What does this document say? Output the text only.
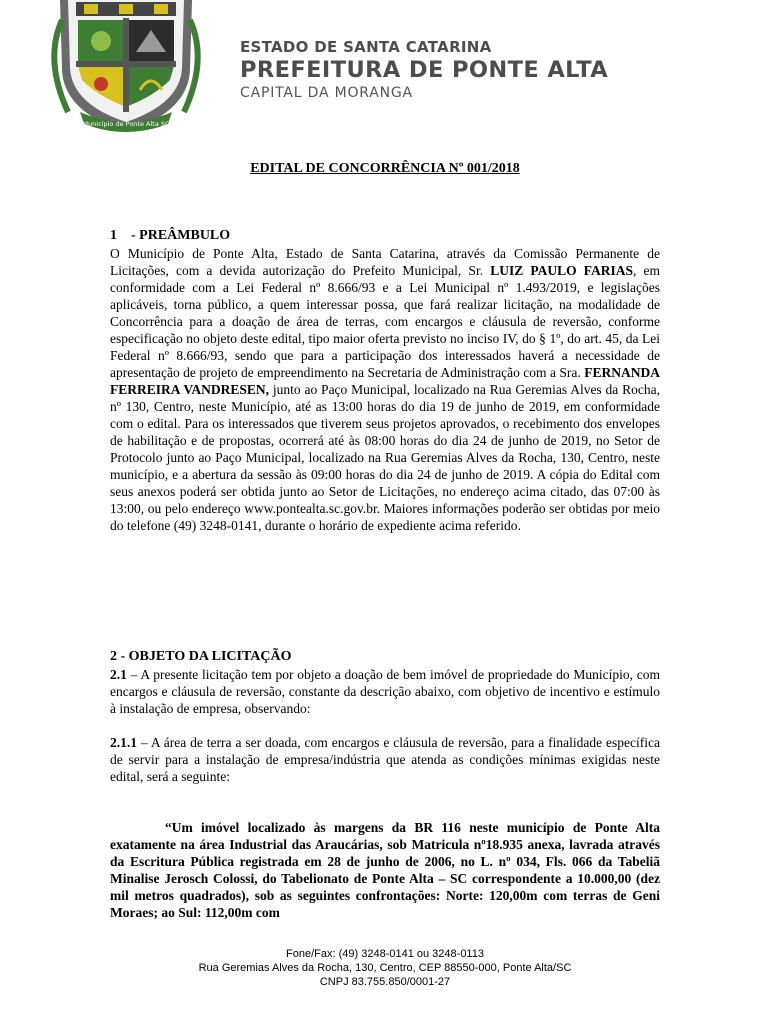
Município de Ponte Alta SC
ESTADO DE SANTA CATARINA
PREFEITURA DE PONTE ALTA
CAPITAL DA MORANGA
EDITAL DE CONCORRÊNCIA Nº 001/2018
1    - PREÂMBULO

O Município de Ponte Alta, Estado de Santa Catarina, através da Comissão Permanente de Licitações, com a devida autorização do Prefeito Municipal, Sr. LUIZ PAULO FARIAS, em conformidade com a Lei Federal nº 8.666/93 e a Lei Municipal nº 1.493/2019, e legislações aplicáveis, torna público, a quem interessar possa, que fará realizar licitação, na modalidade de Concorrência para a doação de área de terras, com encargos e cláusula de reversão, conforme especificação no objeto deste edital, tipo maior oferta previsto no inciso IV, do § 1º, do art. 45, da Lei Federal nº 8.666/93, sendo que para a participação dos interessados haverá a necessidade de apresentação de projeto de empreendimento na Secretaria de Administração com a Sra. FERNANDA FERREIRA VANDRESEN, junto ao Paço Municipal, localizado na Rua Geremias Alves da Rocha, nº 130, Centro, neste Município, até as 13:00 horas do dia 19 de junho de 2019, em conformidade com o edital. Para os interessados que tiverem seus projetos aprovados, o recebimento dos envelopes de habilitação e de propostas, ocorrerá até às 08:00 horas do dia 24 de junho de 2019, no Setor de Protocolo junto ao Paço Municipal, localizado na Rua Geremias Alves da Rocha, 130, Centro, neste município, e a abertura da sessão às 09:00 horas do dia 24 de junho de 2019. A cópia do Edital com seus anexos poderá ser obtida junto ao Setor de Licitações, no endereço acima citado, das 07:00 às 13:00, ou pelo endereço www.pontealta.sc.gov.br. Maiores informações poderão ser obtidas por meio do telefone (49) 3248-0141, durante o horário de expediente acima referido.

2 - OBJETO DA LICITAÇÃO

2.1 – A presente licitação tem por objeto a doação de bem imóvel de propriedade do Município, com encargos e cláusula de reversão, constante da descrição abaixo, com objetivo de incentivo e estímulo à instalação de empresa, observando:

2.1.1 – A área de terra a ser doada, com encargos e cláusula de reversão, para a finalidade específica de servir para a instalação de empresa/indústria que atenda as condições mínimas exigidas neste edital, será a seguinte:

“Um imóvel localizado às margens da BR 116 neste município de Ponte Alta exatamente na área Industrial das Araucárias, sob Matricula nº18.935 anexa, lavrada através da Escritura Pública registrada em 28 de junho de 2006, no L. nº 034, Fls. 066 da Tabeliã Minalise Jerosch Colossi, do Tabelionato de Ponte Alta – SC correspondente a 10.000,00 (dez mil metros quadrados), sob as seguintes confrontações: Norte: 120,00m com terras de Geni Moraes; ao Sul: 112,00m com

Fone/Fax: (49) 3248-0141 ou 3248-0113
Rua Geremias Alves da Rocha, 130, Centro, CEP 88550-000, Ponte Alta/SC
CNPJ 83.755.850/0001-27
